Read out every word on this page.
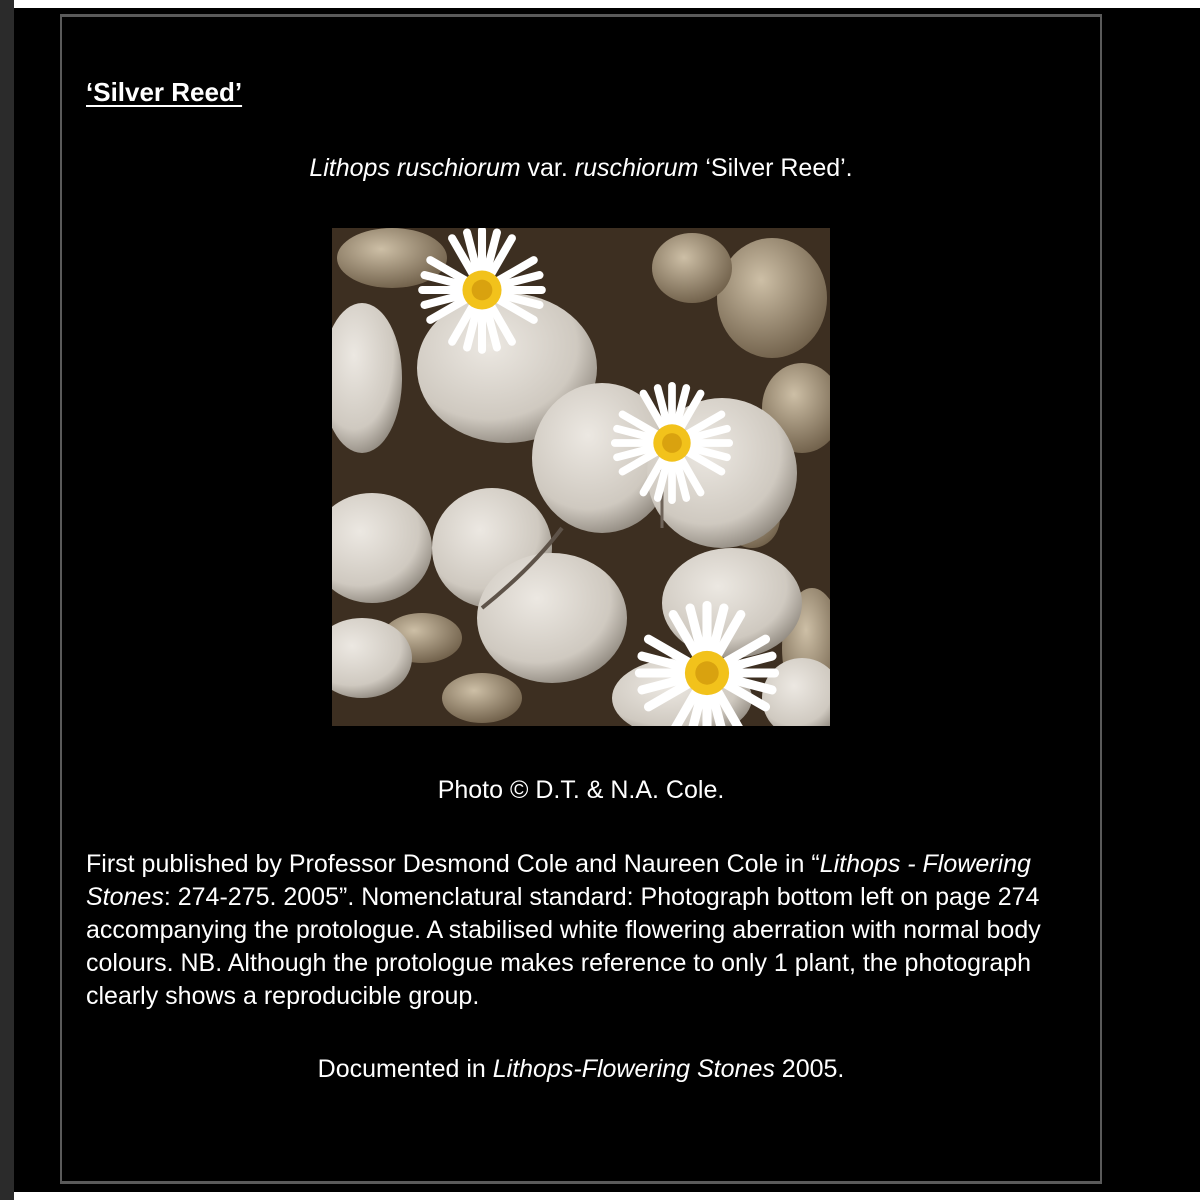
‘Silver Reed’

Lithops ruschiorum var. ruschiorum ‘Silver Reed’.
Photo © D.T. & N.A. Cole.
First published by Professor Desmond Cole and Naureen Cole in “Lithops - Flowering Stones: 274-275. 2005”. Nomenclatural standard: Photograph bottom left on page 274 accompanying the protologue. A stabilised white flowering aberration with normal body colours. NB. Although the protologue makes reference to only 1 plant, the photograph clearly shows a reproducible group.
Documented in Lithops-Flowering Stones 2005.
